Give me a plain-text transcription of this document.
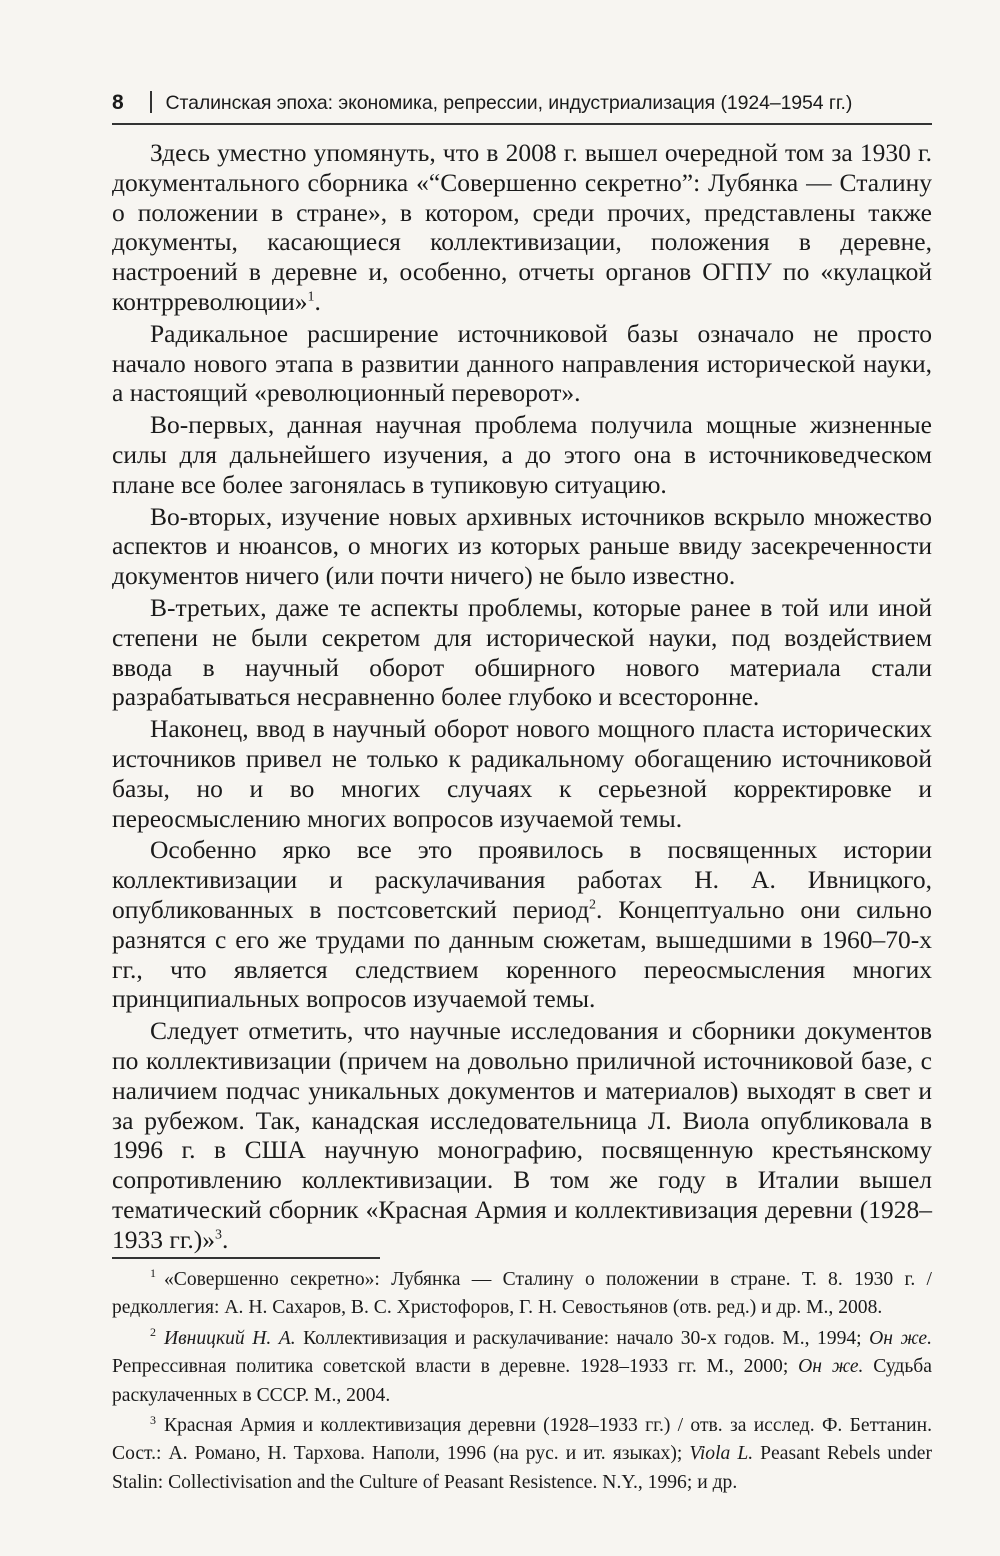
8 Сталинская эпоха: экономика, репрессии, индустриализация (1924–1954 гг.)

Здесь уместно упомянуть, что в 2008 г. вышел очередной том за 1930 г. документального сборника «“Совершенно секретно”: Лубянка — Сталину о положении в стране», в котором, среди прочих, представлены также документы, касающиеся коллективизации, положения в деревне, настроений в деревне и, особенно, отчеты органов ОГПУ по «кулацкой контрреволюции»$^1$.

Радикальное расширение источниковой базы означало не просто начало нового этапа в развитии данного направления исторической науки, а настоящий «революционный переворот».

Во-первых, данная научная проблема получила мощные жизненные силы для дальнейшего изучения, а до этого она в источниковедческом плане все более загонялась в тупиковую ситуацию.

Во-вторых, изучение новых архивных источников вскрыло множество аспектов и нюансов, о многих из которых раньше ввиду засекреченности документов ничего (или почти ничего) не было известно.

В-третьих, даже те аспекты проблемы, которые ранее в той или иной степени не были секретом для исторической науки, под воздействием ввода в научный оборот обширного нового материала стали разрабатываться несравненно более глубоко и всесторонне.

Наконец, ввод в научный оборот нового мощного пласта исторических источников привел не только к радикальному обогащению источниковой базы, но и во многих случаях к серьезной корректировке и переосмыслению многих вопросов изучаемой темы.

Особенно ярко все это проявилось в посвященных истории коллективизации и раскулачивания работах Н. А. Ивницкого, опубликованных в постсоветский период$^2$. Концептуально они сильно разнятся с его же трудами по данным сюжетам, вышедшими в 1960–70-х гг., что является следствием коренного переосмысления многих принципиальных вопросов изучаемой темы.

Следует отметить, что научные исследования и сборники документов по коллективизации (причем на довольно приличной источниковой базе, с наличием подчас уникальных документов и материалов) выходят в свет и за рубежом. Так, канадская исследовательница Л. Виола опубликовала в 1996 г. в США научную монографию, посвященную крестьянскому сопротивлению коллективизации. В том же году в Италии вышел тематический сборник «Красная Армия и коллективизация деревни (1928–1933 гг.)»$^3$.

$^1$ «Совершенно секретно»: Лубянка — Сталину о положении в стране. Т. 8. 1930 г. / редколлегия: А. Н. Сахаров, В. С. Христофоров, Г. Н. Севостьянов (отв. ред.) и др. М., 2008.
$^2$ Ивницкий Н. А. Коллективизация и раскулачивание: начало 30-х годов. М., 1994; Он же. Репрессивная политика советской власти в деревне. 1928–1933 гг. М., 2000; Он же. Судьба раскулаченных в СССР. М., 2004.
$^3$ Красная Армия и коллективизация деревни (1928–1933 гг.) / отв. за исслед. Ф. Беттанин. Сост.: А. Романо, Н. Тархова. Наполи, 1996 (на рус. и ит. языках); Viola L. Peasant Rebels under Stalin: Collectivisation and the Culture of Peasant Resistence. N.Y., 1996; и др.
